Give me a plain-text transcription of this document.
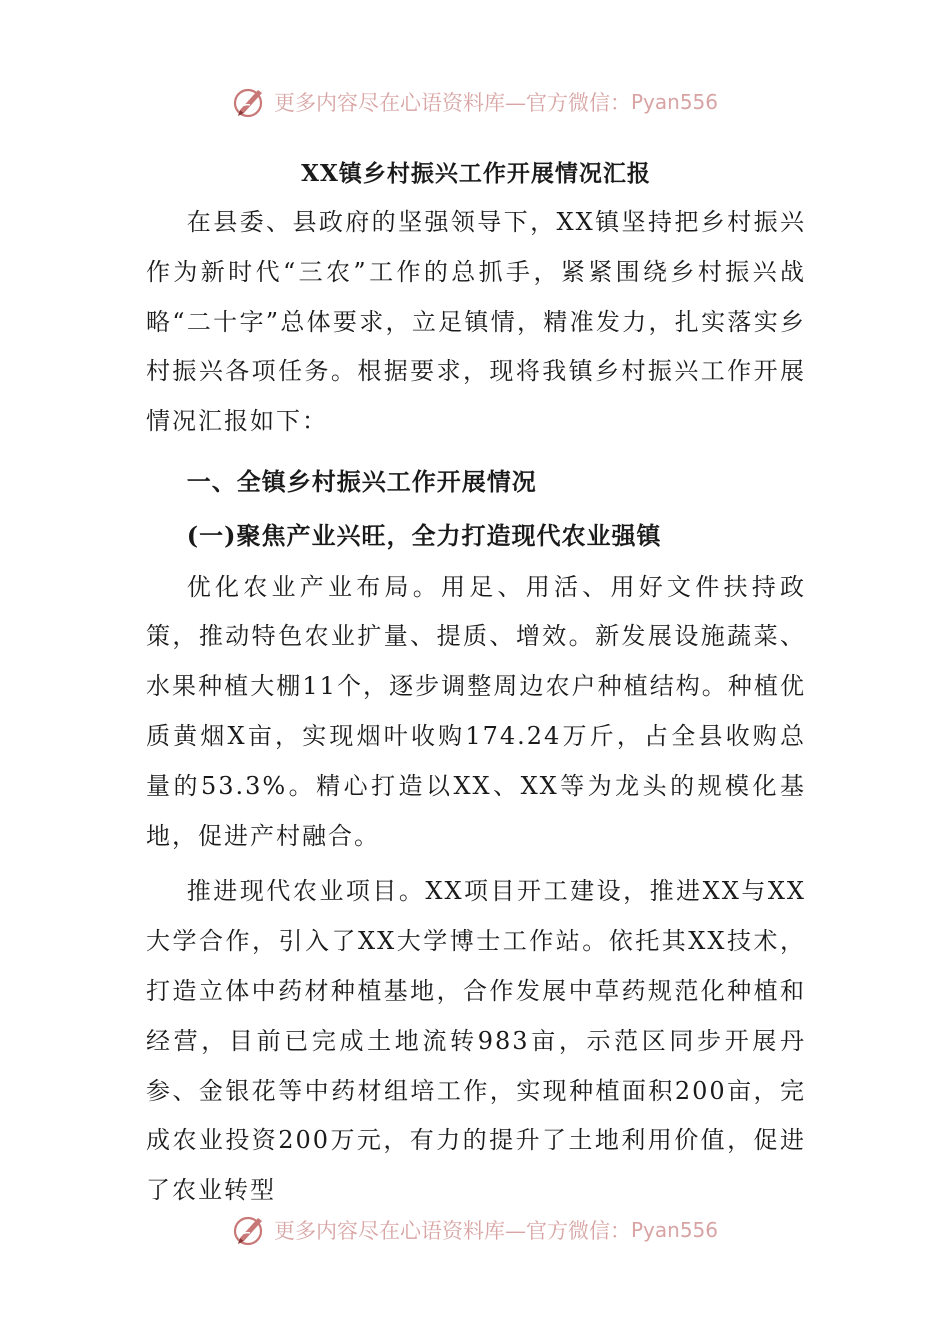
更多内容尽在心语资料库—官方微信： Pyan556
XX镇乡村振兴工作开展情况汇报

在县委、县政府的坚强领导下，XX镇坚持把乡村振兴作为新时代“三农”工作的总抓手，紧紧围绕乡村振兴战略“二十字”总体要求，立足镇情，精准发力，扎实落实乡村振兴各项任务。根据要求，现将我镇乡村振兴工作开展情况汇报如下：

一、全镇乡村振兴工作开展情况

(一)聚焦产业兴旺，全力打造现代农业强镇

优化农业产业布局。用足、用活、用好文件扶持政策，推动特色农业扩量、提质、增效。新发展设施蔬菜、水果种植大棚11个，逐步调整周边农户种植结构。种植优质黄烟X亩，实现烟叶收购174.24万斤，占全县收购总量的53.3%。精心打造以XX、XX等为龙头的规模化基地，促进产村融合。

推进现代农业项目。XX项目开工建设，推进XX与XX大学合作，引入了XX大学博士工作站。依托其XX技术，打造立体中药材种植基地，合作发展中草药规范化种植和经营，目前已完成土地流转983亩，示范区同步开展丹参、金银花等中药材组培工作，实现种植面积200亩，完成农业投资200万元，有力的提升了土地利用价值，促进了农业转型

更多内容尽在心语资料库—官方微信： Pyan556
